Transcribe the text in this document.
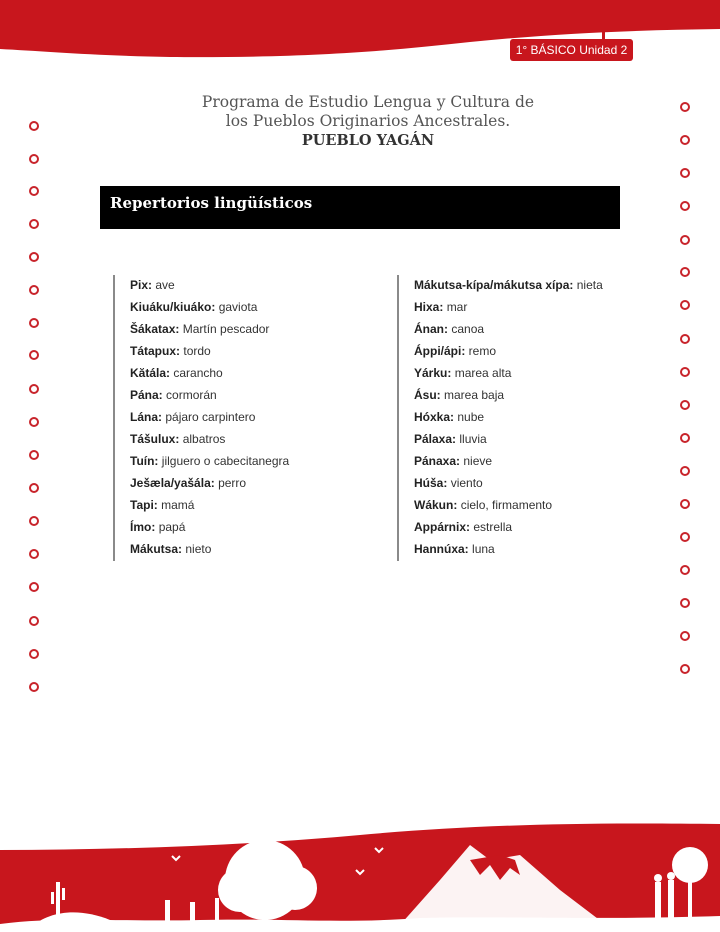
1° BÁSICO Unidad 2
Programa de Estudio Lengua y Cultura de
los Pueblos Originarios Ancestrales.
PUEBLO YAGÁN
Repertorios lingüísticos
Pix: ave
Kiuáku/kiuáko: gaviota
Šákatax: Martín pescador
Tátapux: tordo
Kătála: carancho
Pána: cormorán
Lána: pájaro carpintero
Tášulux: albatros
Tuín: jilguero o cabecitanegra
Ješæla/yašála: perro
Tapi: mamá
Ímo: papá
Mákutsa: nieto
Mákutsa-kípa/mákutsa xípa: nieta
Hixa: mar
Ánan: canoa
Áppi/ápi: remo
Yárku: marea alta
Ásu: marea baja
Hóxka: nube
Pálaxa: lluvia
Pánaxa: nieve
Húša: viento
Wákun: cielo, firmamento
Appárnix: estrella
Hannúxa: luna
